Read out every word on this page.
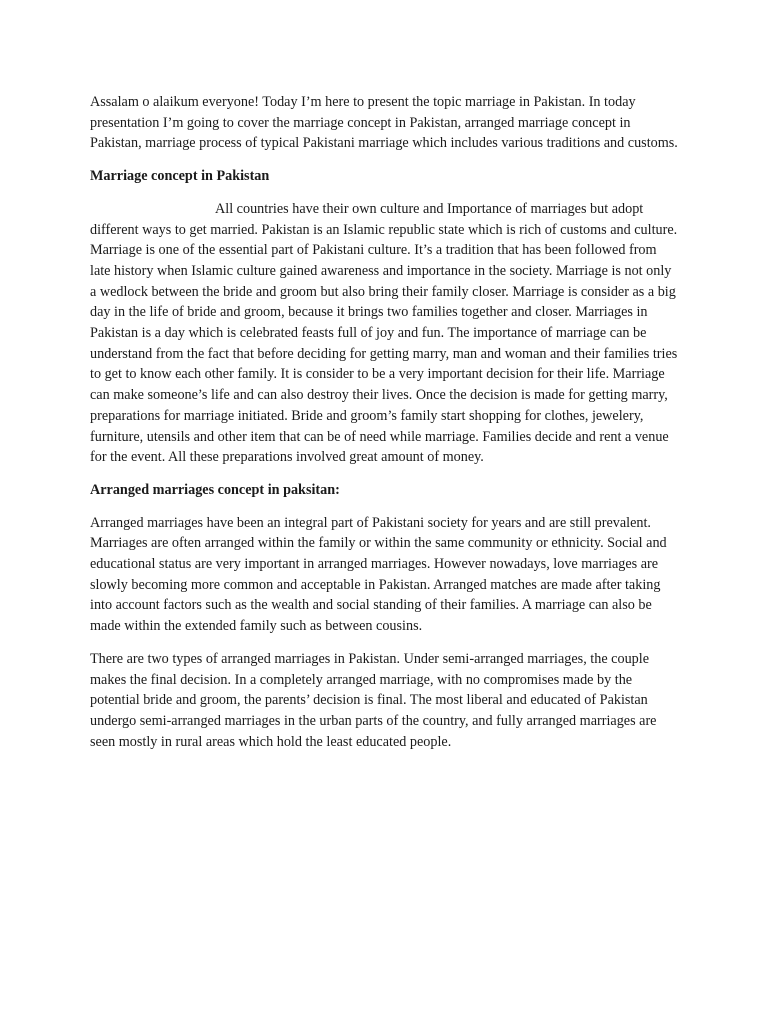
Assalam o alaikum everyone! Today I’m here to present the topic marriage in Pakistan. In today presentation I’m going to cover the marriage concept in Pakistan, arranged marriage concept in Pakistan, marriage process of typical Pakistani marriage which includes various traditions and customs.

Marriage concept in Pakistan

All countries have their own culture and Importance of marriages but adopt different ways to get married. Pakistan is an Islamic republic state which is rich of customs and culture. Marriage is one of the essential part of Pakistani culture. It’s a tradition that has been followed from late history when Islamic culture gained awareness and importance in the society. Marriage is not only a wedlock between the bride and groom but also bring their family closer. Marriage is consider as a big day in the life of bride and groom, because it brings two families together and closer. Marriages in Pakistan is a day which is celebrated feasts full of joy and fun. The importance of marriage can be understand from the fact that before deciding for getting marry, man and woman and their families tries to get to know each other family. It is consider to be a very important decision for their life. Marriage can make someone’s life and can also destroy their lives. Once the decision is made for getting marry, preparations for marriage initiated. Bride and groom’s family start shopping for clothes, jewelery, furniture, utensils and other item that can be of need while marriage. Families decide and rent a venue for the event. All these preparations involved great amount of money.

Arranged marriages concept in paksitan:

Arranged marriages have been an integral part of Pakistani society for years and are still prevalent. Marriages are often arranged within the family or within the same community or ethnicity. Social and educational status are very important in arranged marriages. However nowadays, love marriages are slowly becoming more common and acceptable in Pakistan. Arranged matches are made after taking into account factors such as the wealth and social standing of their families. A marriage can also be made within the extended family such as between cousins.

There are two types of arranged marriages in Pakistan. Under semi-arranged marriages, the couple makes the final decision. In a completely arranged marriage, with no compromises made by the potential bride and groom, the parents’ decision is final. The most liberal and educated of Pakistan undergo semi-arranged marriages in the urban parts of the country, and fully arranged marriages are seen mostly in rural areas which hold the least educated people.
